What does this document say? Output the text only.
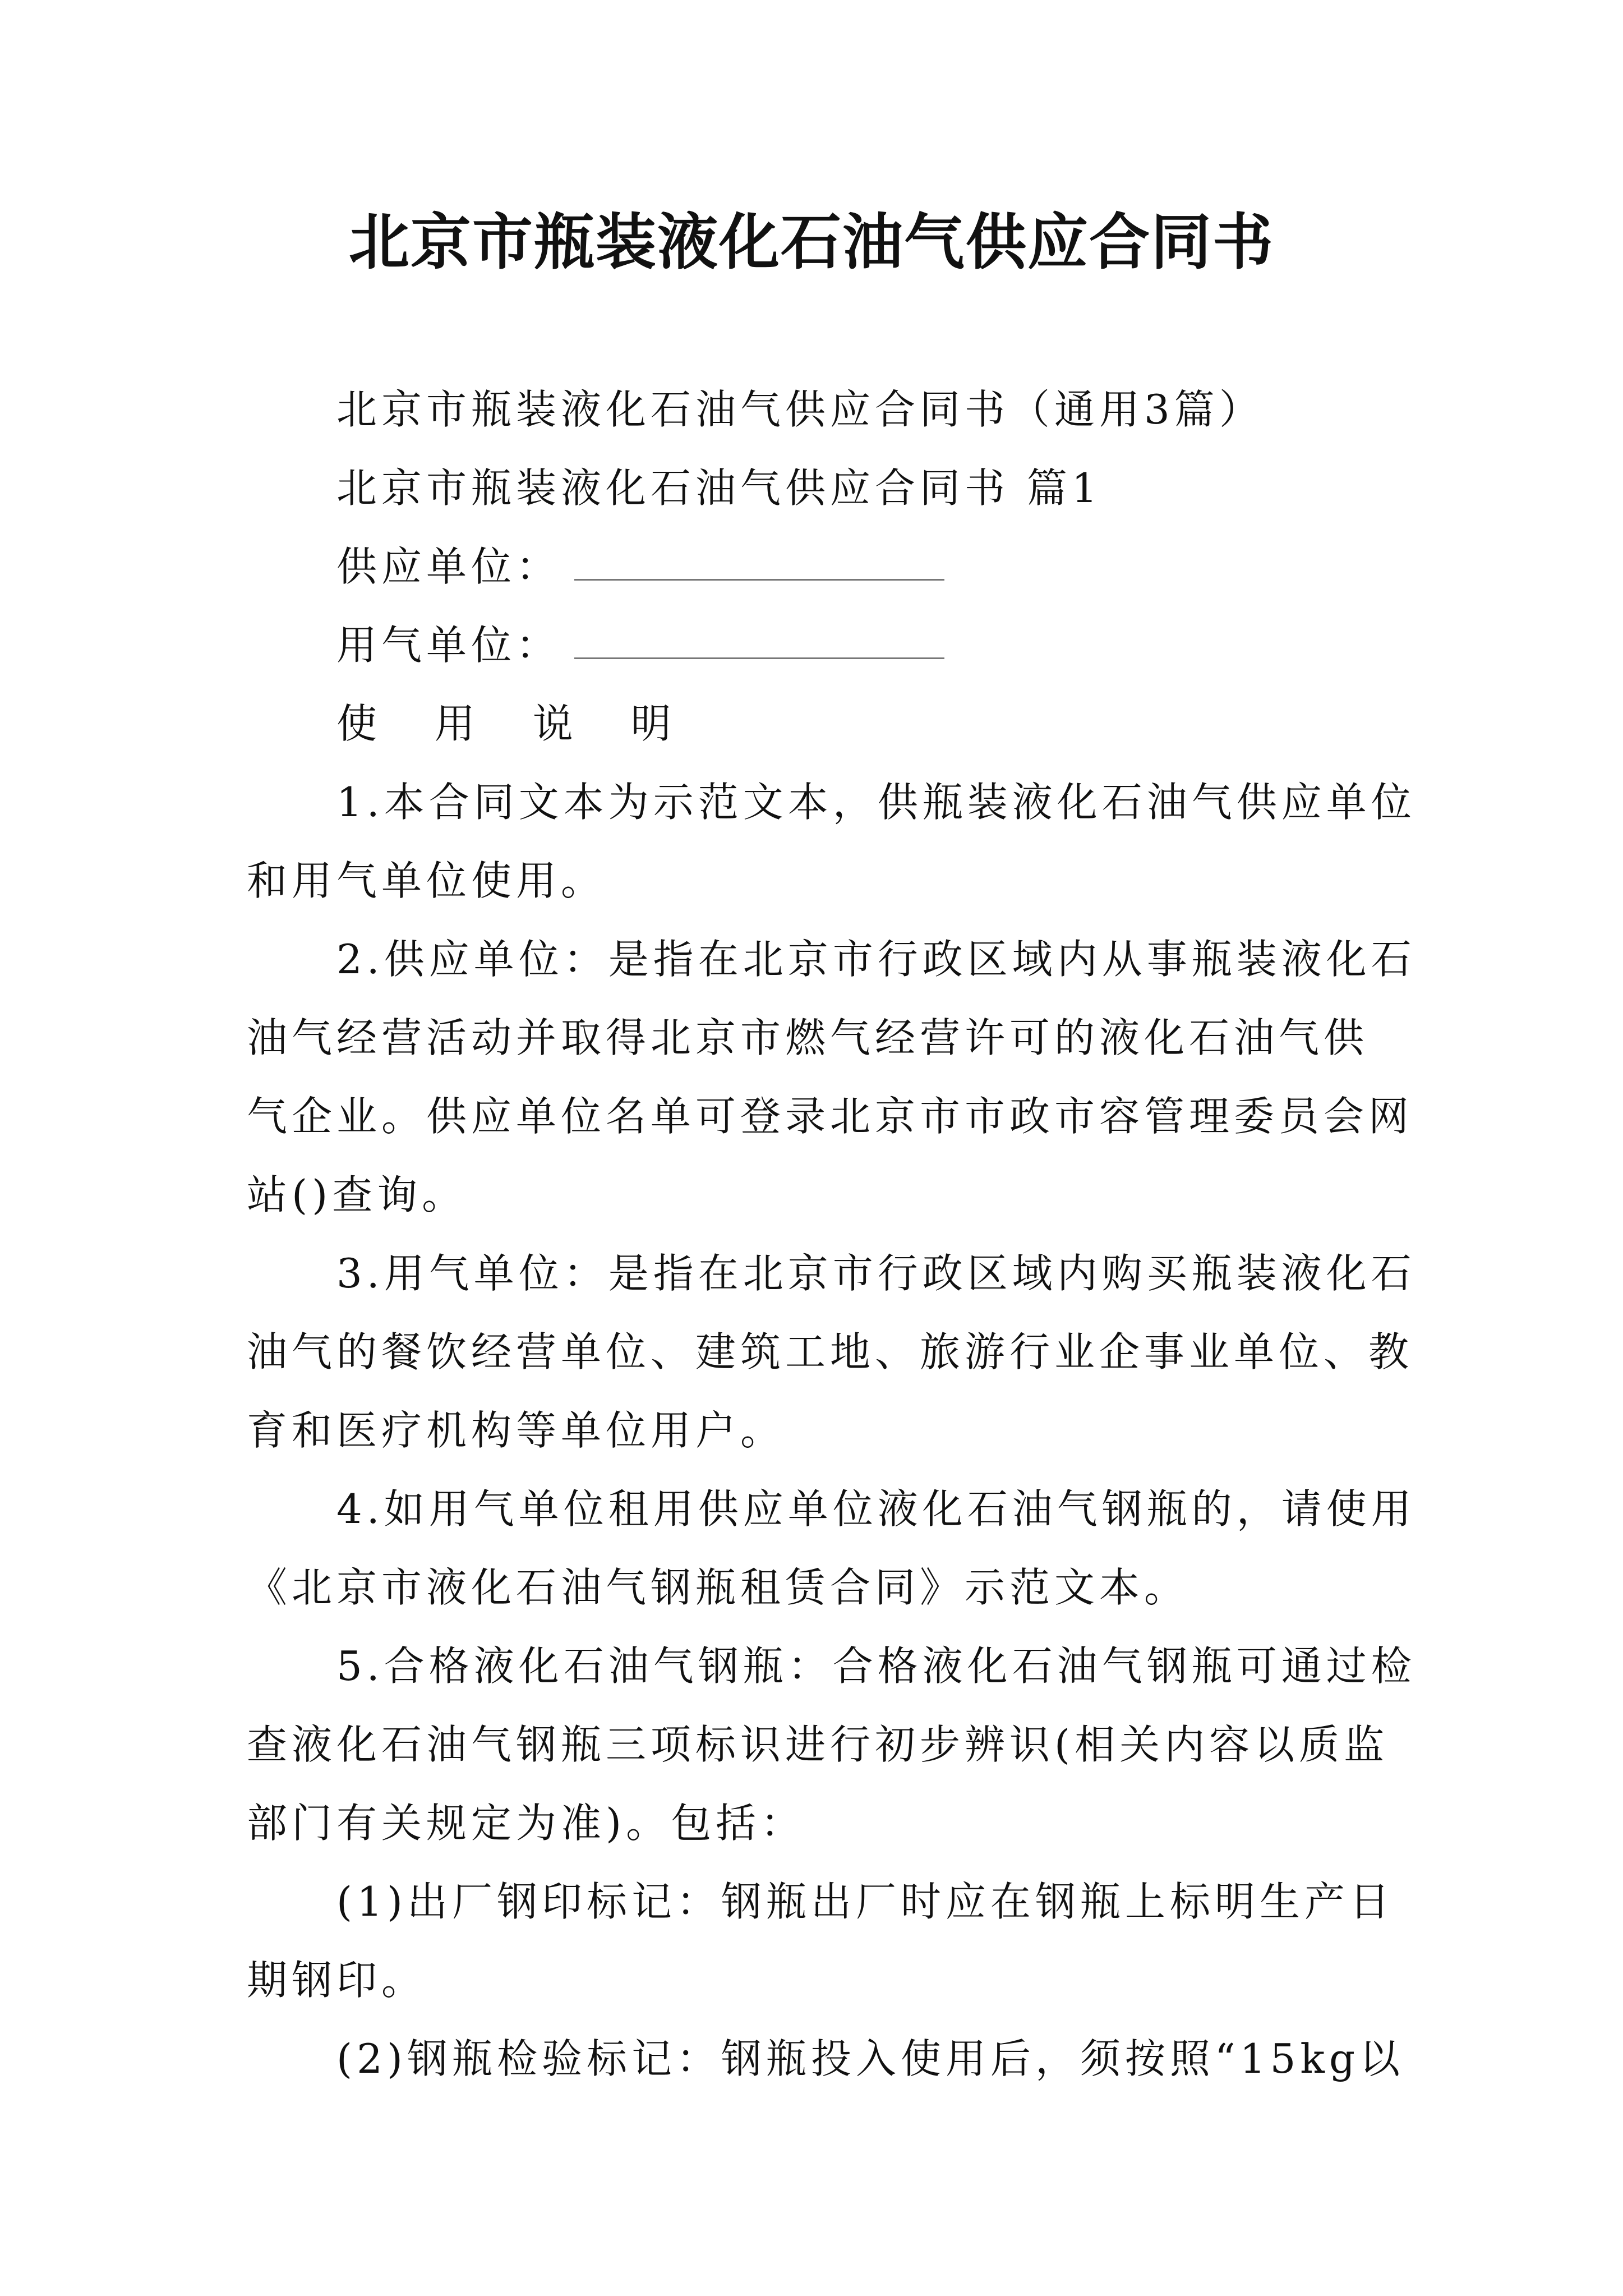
北京市瓶装液化石油气供应合同书
北京市瓶装液化石油气供应合同书（通用3篇）
北京市瓶装液化石油气供应合同书 篇1
供应单位：
用气单位：
使 用 说 明
1.本合同文本为示范文本，供瓶装液化石油气供应单位
和用气单位使用。
2.供应单位：是指在北京市行政区域内从事瓶装液化石
油气经营活动并取得北京市燃气经营许可的液化石油气供
气企业。供应单位名单可登录北京市市政市容管理委员会网
站()查询。
3.用气单位：是指在北京市行政区域内购买瓶装液化石
油气的餐饮经营单位、建筑工地、旅游行业企事业单位、教
育和医疗机构等单位用户。
4.如用气单位租用供应单位液化石油气钢瓶的，请使用
《北京市液化石油气钢瓶租赁合同》示范文本。
5.合格液化石油气钢瓶：合格液化石油气钢瓶可通过检
查液化石油气钢瓶三项标识进行初步辨识(相关内容以质监
部门有关规定为准)。包括：
(1)出厂钢印标记：钢瓶出厂时应在钢瓶上标明生产日
期钢印。
(2)钢瓶检验标记：钢瓶投入使用后，须按照“15kg以
